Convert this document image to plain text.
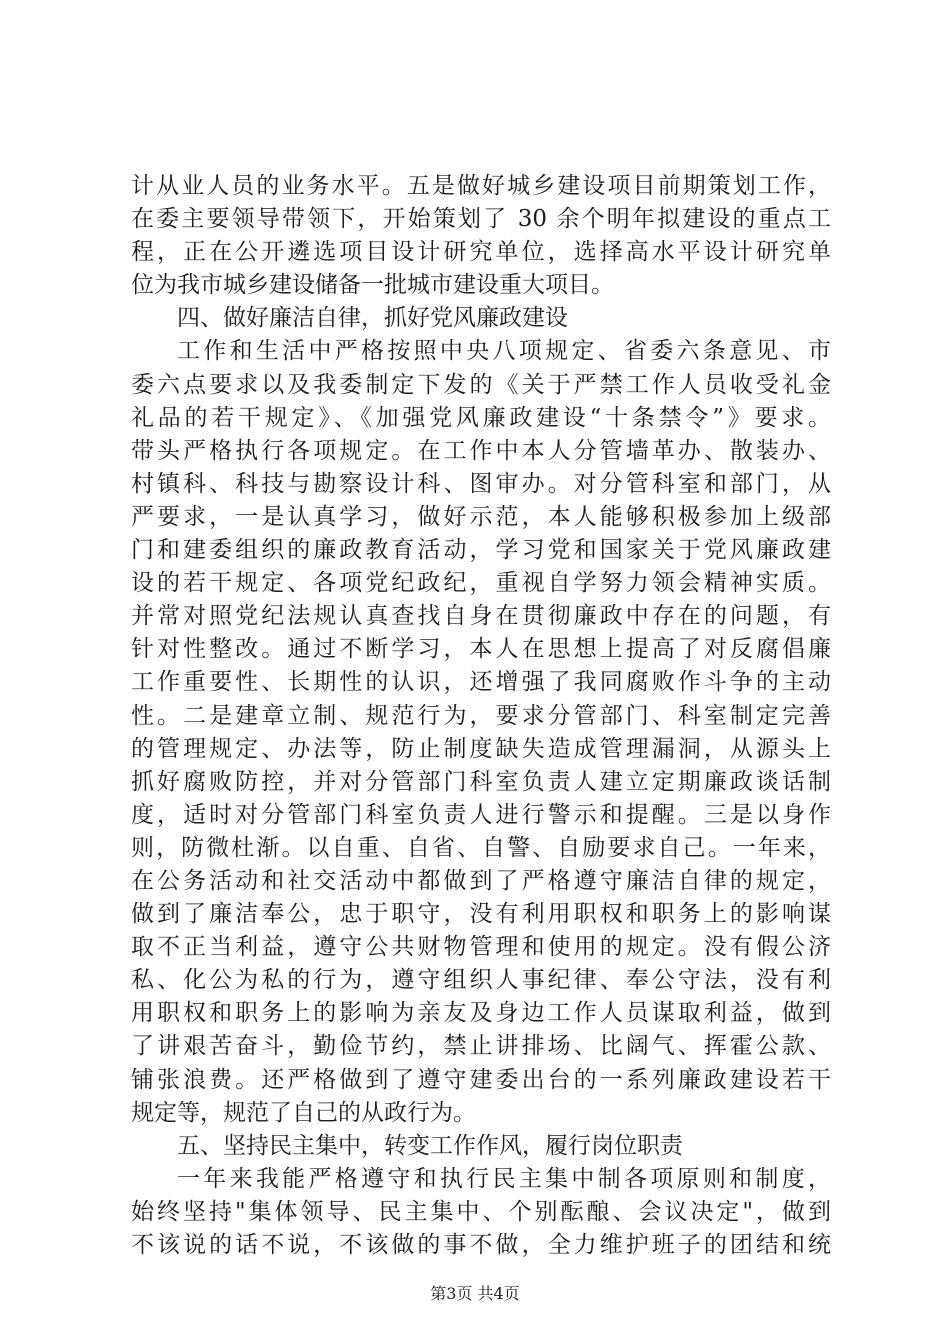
计从业人员的业务水平。五是做好城乡建设项目前期策划工作，
在委主要领导带领下，开始策划了 30 余个明年拟建设的重点工
程，正在公开遴选项目设计研究单位，选择高水平设计研究单
位为我市城乡建设储备一批城市建设重大项目。
四、做好廉洁自律，抓好党风廉政建设
工作和生活中严格按照中央八项规定、省委六条意见、市
委六点要求以及我委制定下发的《关于严禁工作人员收受礼金
礼品的若干规定》、《加强党风廉政建设“十条禁令”》要求。
带头严格执行各项规定。在工作中本人分管墙革办、散装办、
村镇科、科技与勘察设计科、图审办。对分管科室和部门，从
严要求，一是认真学习，做好示范，本人能够积极参加上级部
门和建委组织的廉政教育活动，学习党和国家关于党风廉政建
设的若干规定、各项党纪政纪，重视自学努力领会精神实质。
并常对照党纪法规认真查找自身在贯彻廉政中存在的问题，有
针对性整改。通过不断学习，本人在思想上提高了对反腐倡廉
工作重要性、长期性的认识，还增强了我同腐败作斗争的主动
性。二是建章立制、规范行为，要求分管部门、科室制定完善
的管理规定、办法等，防止制度缺失造成管理漏洞，从源头上
抓好腐败防控，并对分管部门科室负责人建立定期廉政谈话制
度，适时对分管部门科室负责人进行警示和提醒。三是以身作
则，防微杜渐。以自重、自省、自警、自励要求自己。一年来，
在公务活动和社交活动中都做到了严格遵守廉洁自律的规定，
做到了廉洁奉公，忠于职守，没有利用职权和职务上的影响谋
取不正当利益，遵守公共财物管理和使用的规定。没有假公济
私、化公为私的行为，遵守组织人事纪律、奉公守法，没有利
用职权和职务上的影响为亲友及身边工作人员谋取利益，做到
了讲艰苦奋斗，勤俭节约，禁止讲排场、比阔气、挥霍公款、
铺张浪费。还严格做到了遵守建委出台的一系列廉政建设若干
规定等，规范了自己的从政行为。
五、坚持民主集中，转变工作作风，履行岗位职责
一年来我能严格遵守和执行民主集中制各项原则和制度，
始终坚持"集体领导、民主集中、个别酝酿、会议决定"，做到
不该说的话不说，不该做的事不做，全力维护班子的团结和统
第3页 共4页
